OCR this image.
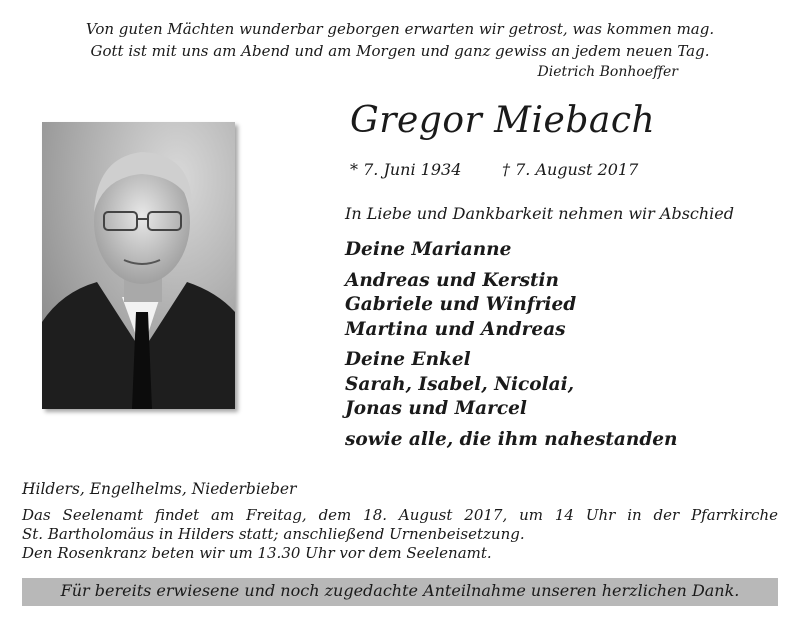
Von guten Mächten wunderbar geborgen erwarten wir getrost, was kommen mag.
Gott ist mit uns am Abend und am Morgen und ganz gewiss an jedem neuen Tag.
Dietrich Bonhoeffer
Gregor Miebach
* 7. Juni 1934	† 7. August 2017
In Liebe und Dankbarkeit nehmen wir Abschied
Deine Marianne
Andreas und Kerstin
Gabriele und Winfried
Martina und Andreas
Deine Enkel
Sarah, Isabel, Nicolai,
Jonas und Marcel
sowie alle, die ihm nahestanden
Hilders, Engelhelms, Niederbieber
Das Seelenamt findet am Freitag, dem 18. August 2017, um 14 Uhr in der Pfarrkirche
St. Bartholomäus in Hilders statt; anschließend Urnenbeisetzung.
Den Rosenkranz beten wir um 13.30 Uhr vor dem Seelenamt.
Für bereits erwiesene und noch zugedachte Anteilnahme unseren herzlichen Dank.
